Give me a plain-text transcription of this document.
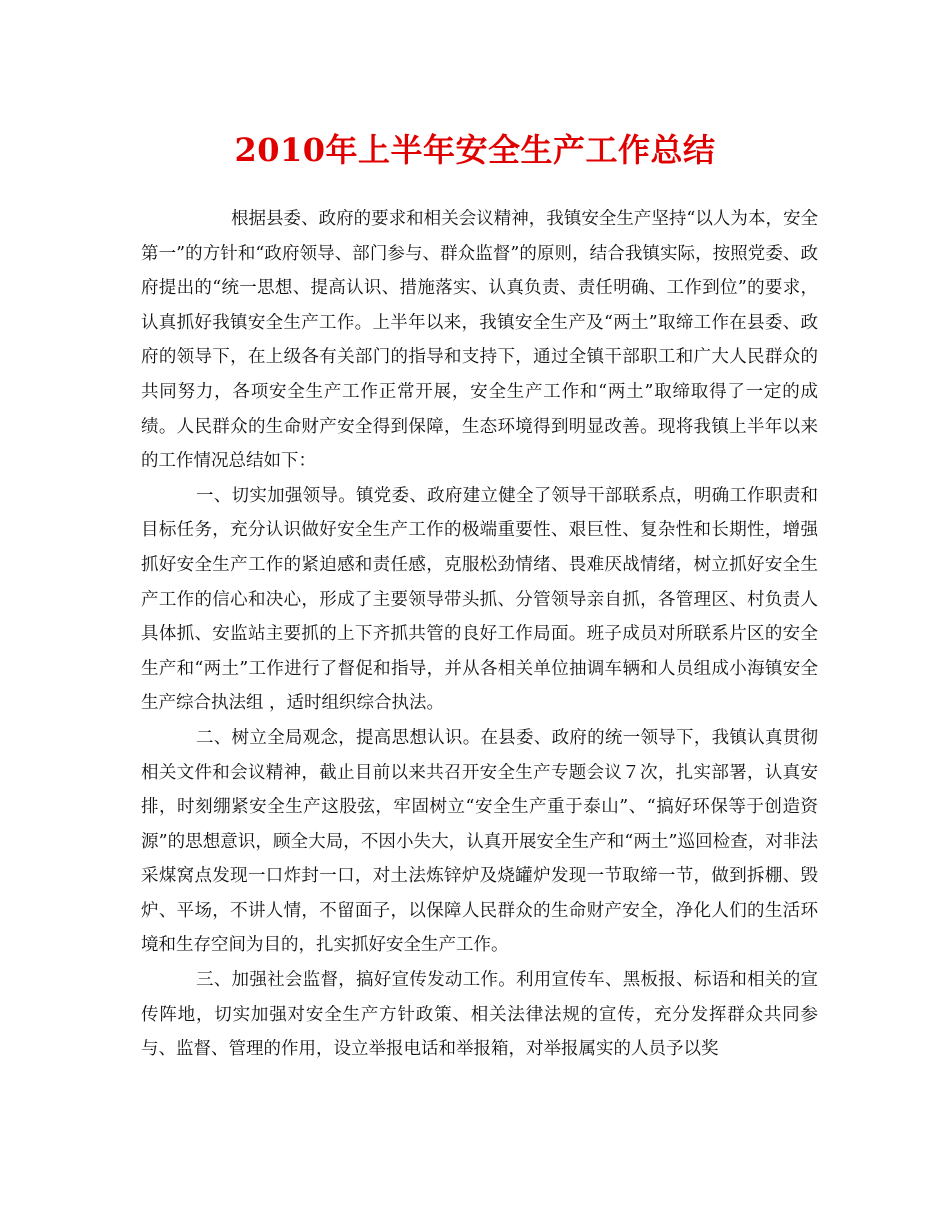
2010年上半年安全生产工作总结

根据县委、政府的要求和相关会议精神，我镇安全生产坚持“以人为本，安全第一”的方针和“政府领导、部门参与、群众监督”的原则，结合我镇实际，按照党委、政府提出的“统一思想、提高认识、措施落实、认真负责、责任明确、工作到位”的要求，认真抓好我镇安全生产工作。上半年以来，我镇安全生产及“两土”取缔工作在县委、政府的领导下，在上级各有关部门的指导和支持下，通过全镇干部职工和广大人民群众的共同努力，各项安全生产工作正常开展，安全生产工作和“两土”取缔取得了一定的成绩。人民群众的生命财产安全得到保障，生态环境得到明显改善。现将我镇上半年以来的工作情况总结如下：

一、切实加强领导。镇党委、政府建立健全了领导干部联系点，明确工作职责和目标任务，充分认识做好安全生产工作的极端重要性、艰巨性、复杂性和长期性，增强抓好安全生产工作的紧迫感和责任感，克服松劲情绪、畏难厌战情绪，树立抓好安全生产工作的信心和决心，形成了主要领导带头抓、分管领导亲自抓，各管理区、村负责人具体抓、安监站主要抓的上下齐抓共管的良好工作局面。班子成员对所联系片区的安全生产和“两土”工作进行了督促和指导，并从各相关单位抽调车辆和人员组成小海镇安全生产综合执法组 ，适时组织综合执法。

二、树立全局观念，提高思想认识。在县委、政府的统一领导下，我镇认真贯彻相关文件和会议精神，截止目前以来共召开安全生产专题会议７次，扎实部署，认真安排，时刻绷紧安全生产这股弦，牢固树立“安全生产重于泰山”、“搞好环保等于创造资源”的思想意识，顾全大局，不因小失大，认真开展安全生产和“两土”巡回检查，对非法采煤窝点发现一口炸封一口，对土法炼锌炉及烧罐炉发现一节取缔一节，做到拆棚、毁炉、平场，不讲人情，不留面子，以保障人民群众的生命财产安全，净化人们的生活环境和生存空间为目的，扎实抓好安全生产工作。

三、加强社会监督，搞好宣传发动工作。利用宣传车、黑板报、标语和相关的宣传阵地，切实加强对安全生产方针政策、相关法律法规的宣传，充分发挥群众共同参与、监督、管理的作用，设立举报电话和举报箱，对举报属实的人员予以奖
